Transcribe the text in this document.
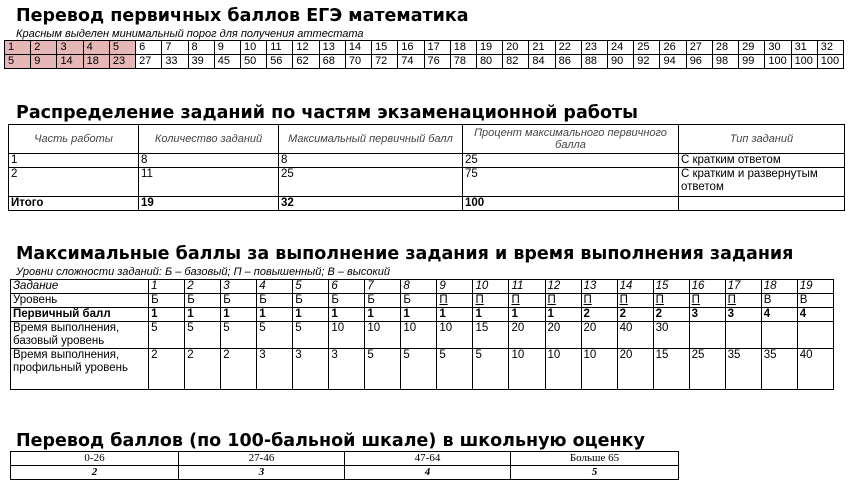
Перевод первичных баллов ЕГЭ математика

Красным выделен минимальный порог для получения аттестата

1	2	3	4	5	6	7	8	9	10	11	12	13	14	15	16	17	18	19	20	21	22	23	24	25	26	27	28	29	30	31	32
5	9	14	18	23	27	33	39	45	50	56	62	68	70	72	74	76	78	80	82	84	86	88	90	92	94	96	98	99	100	100	100
Распределение заданий по частям экзаменационной работы
Часть работы	Количество заданий	Максимальный первичный балл	Процент максимального первичного балла	Тип заданий
1	8	8	25	С кратким ответом
2	11	25	75	С кратким и развернутым ответом
Итого	19	32	100	
Максимальные баллы за выполнение задания и время выполнения задания

Уровни сложности заданий: Б – базовый; П – повышенный; В – высокий

Задание	1	2	3	4	5	6	7	8	9	10	11	12	13	14	15	16	17	18	19
Уровень	Б	Б	Б	Б	Б	Б	Б	Б	П	П	П	П	П	П	П	П	П	В	В
Первичный балл	1	1	1	1	1	1	1	1	1	1	1	1	2	2	2	3	3	4	4
Время выполнения, базовый уровень	5	5	5	5	5	10	10	10	10	15	20	20	20	40	30				
Время выполнения, профильный уровень	2	2	2	3	3	3	5	5	5	5	10	10	10	20	15	25	35	35	40
Перевод баллов (по 100-бальной шкале) в школьную оценку
0-26	27-46	47-64	Больше 65
2	3	4	5
